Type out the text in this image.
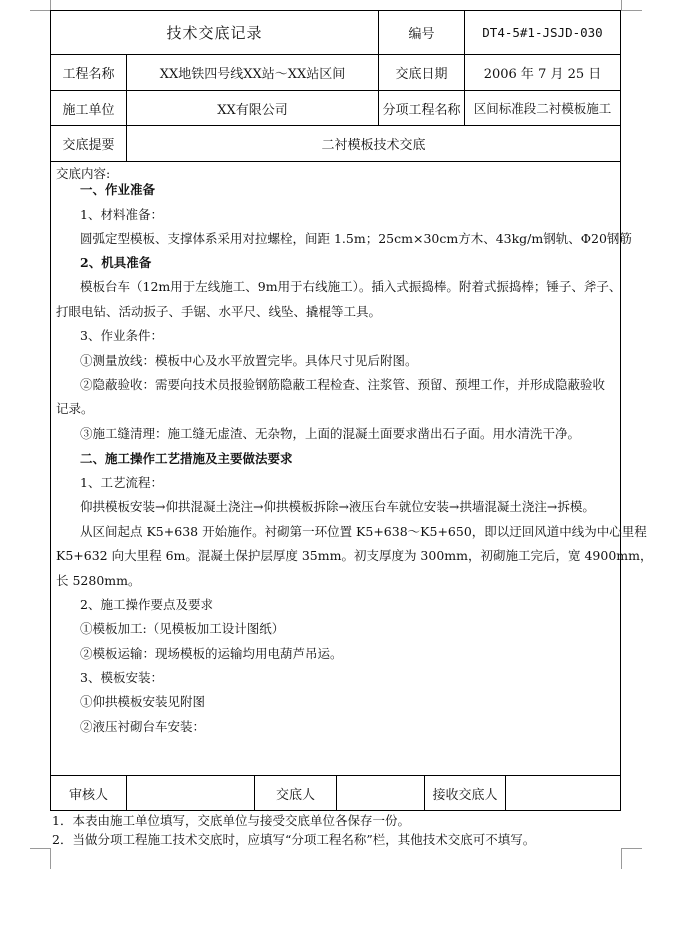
技术交底记录	编号	DT4-5#1-JSJD-030
工程名称	XX地铁四号线XX站～XX站区间	交底日期	2006 年 7 月 25 日
施工单位	XX有限公司	分项工程名称	区间标准段二衬模板施工
交底提要	二衬模板技术交底
交底内容:
一、作业准备
1、材料准备：
圆弧定型模板、支撑体系采用对拉螺栓，间距 1.5m；25cm×30cm方木、43kg/m钢轨、Φ20钢筋
2、机具准备
模板台车（12m用于左线施工、9m用于右线施工）。插入式振捣棒。附着式振捣棒；锤子、斧子、
打眼电钻、活动扳子、手锯、水平尺、线坠、撬棍等工具。
3、作业条件：
①测量放线：模板中心及水平放置完毕。具体尺寸见后附图。
②隐蔽验收：需要向技术员报验钢筋隐蔽工程检查、注浆管、预留、预埋工作，并形成隐蔽验收
记录。
③施工缝清理：施工缝无虚渣、无杂物，上面的混凝土面要求凿出石子面。用水清洗干净。
二、施工操作工艺措施及主要做法要求
1、工艺流程：
仰拱模板安装→仰拱混凝土浇注→仰拱模板拆除→液压台车就位安装→拱墙混凝土浇注→拆模。
从区间起点 K5+638 开始施作。衬砌第一环位置 K5+638～K5+650，即以迂回风道中线为中心里程
K5+632 向大里程 6m。混凝土保护层厚度 35mm。初支厚度为 300mm，初砌施工完后，宽 4900mm，
长 5280mm。
2、施工操作要点及要求
①模板加工:（见模板加工设计图纸）
②模板运输：现场模板的运输均用电葫芦吊运。
3、模板安装：
①仰拱模板安装见附图
②液压衬砌台车安装：
审核人	交底人	接收交底人
1．本表由施工单位填写，交底单位与接受交底单位各保存一份。
2．当做分项工程施工技术交底时，应填写“分项工程名称”栏，其他技术交底可不填写。
